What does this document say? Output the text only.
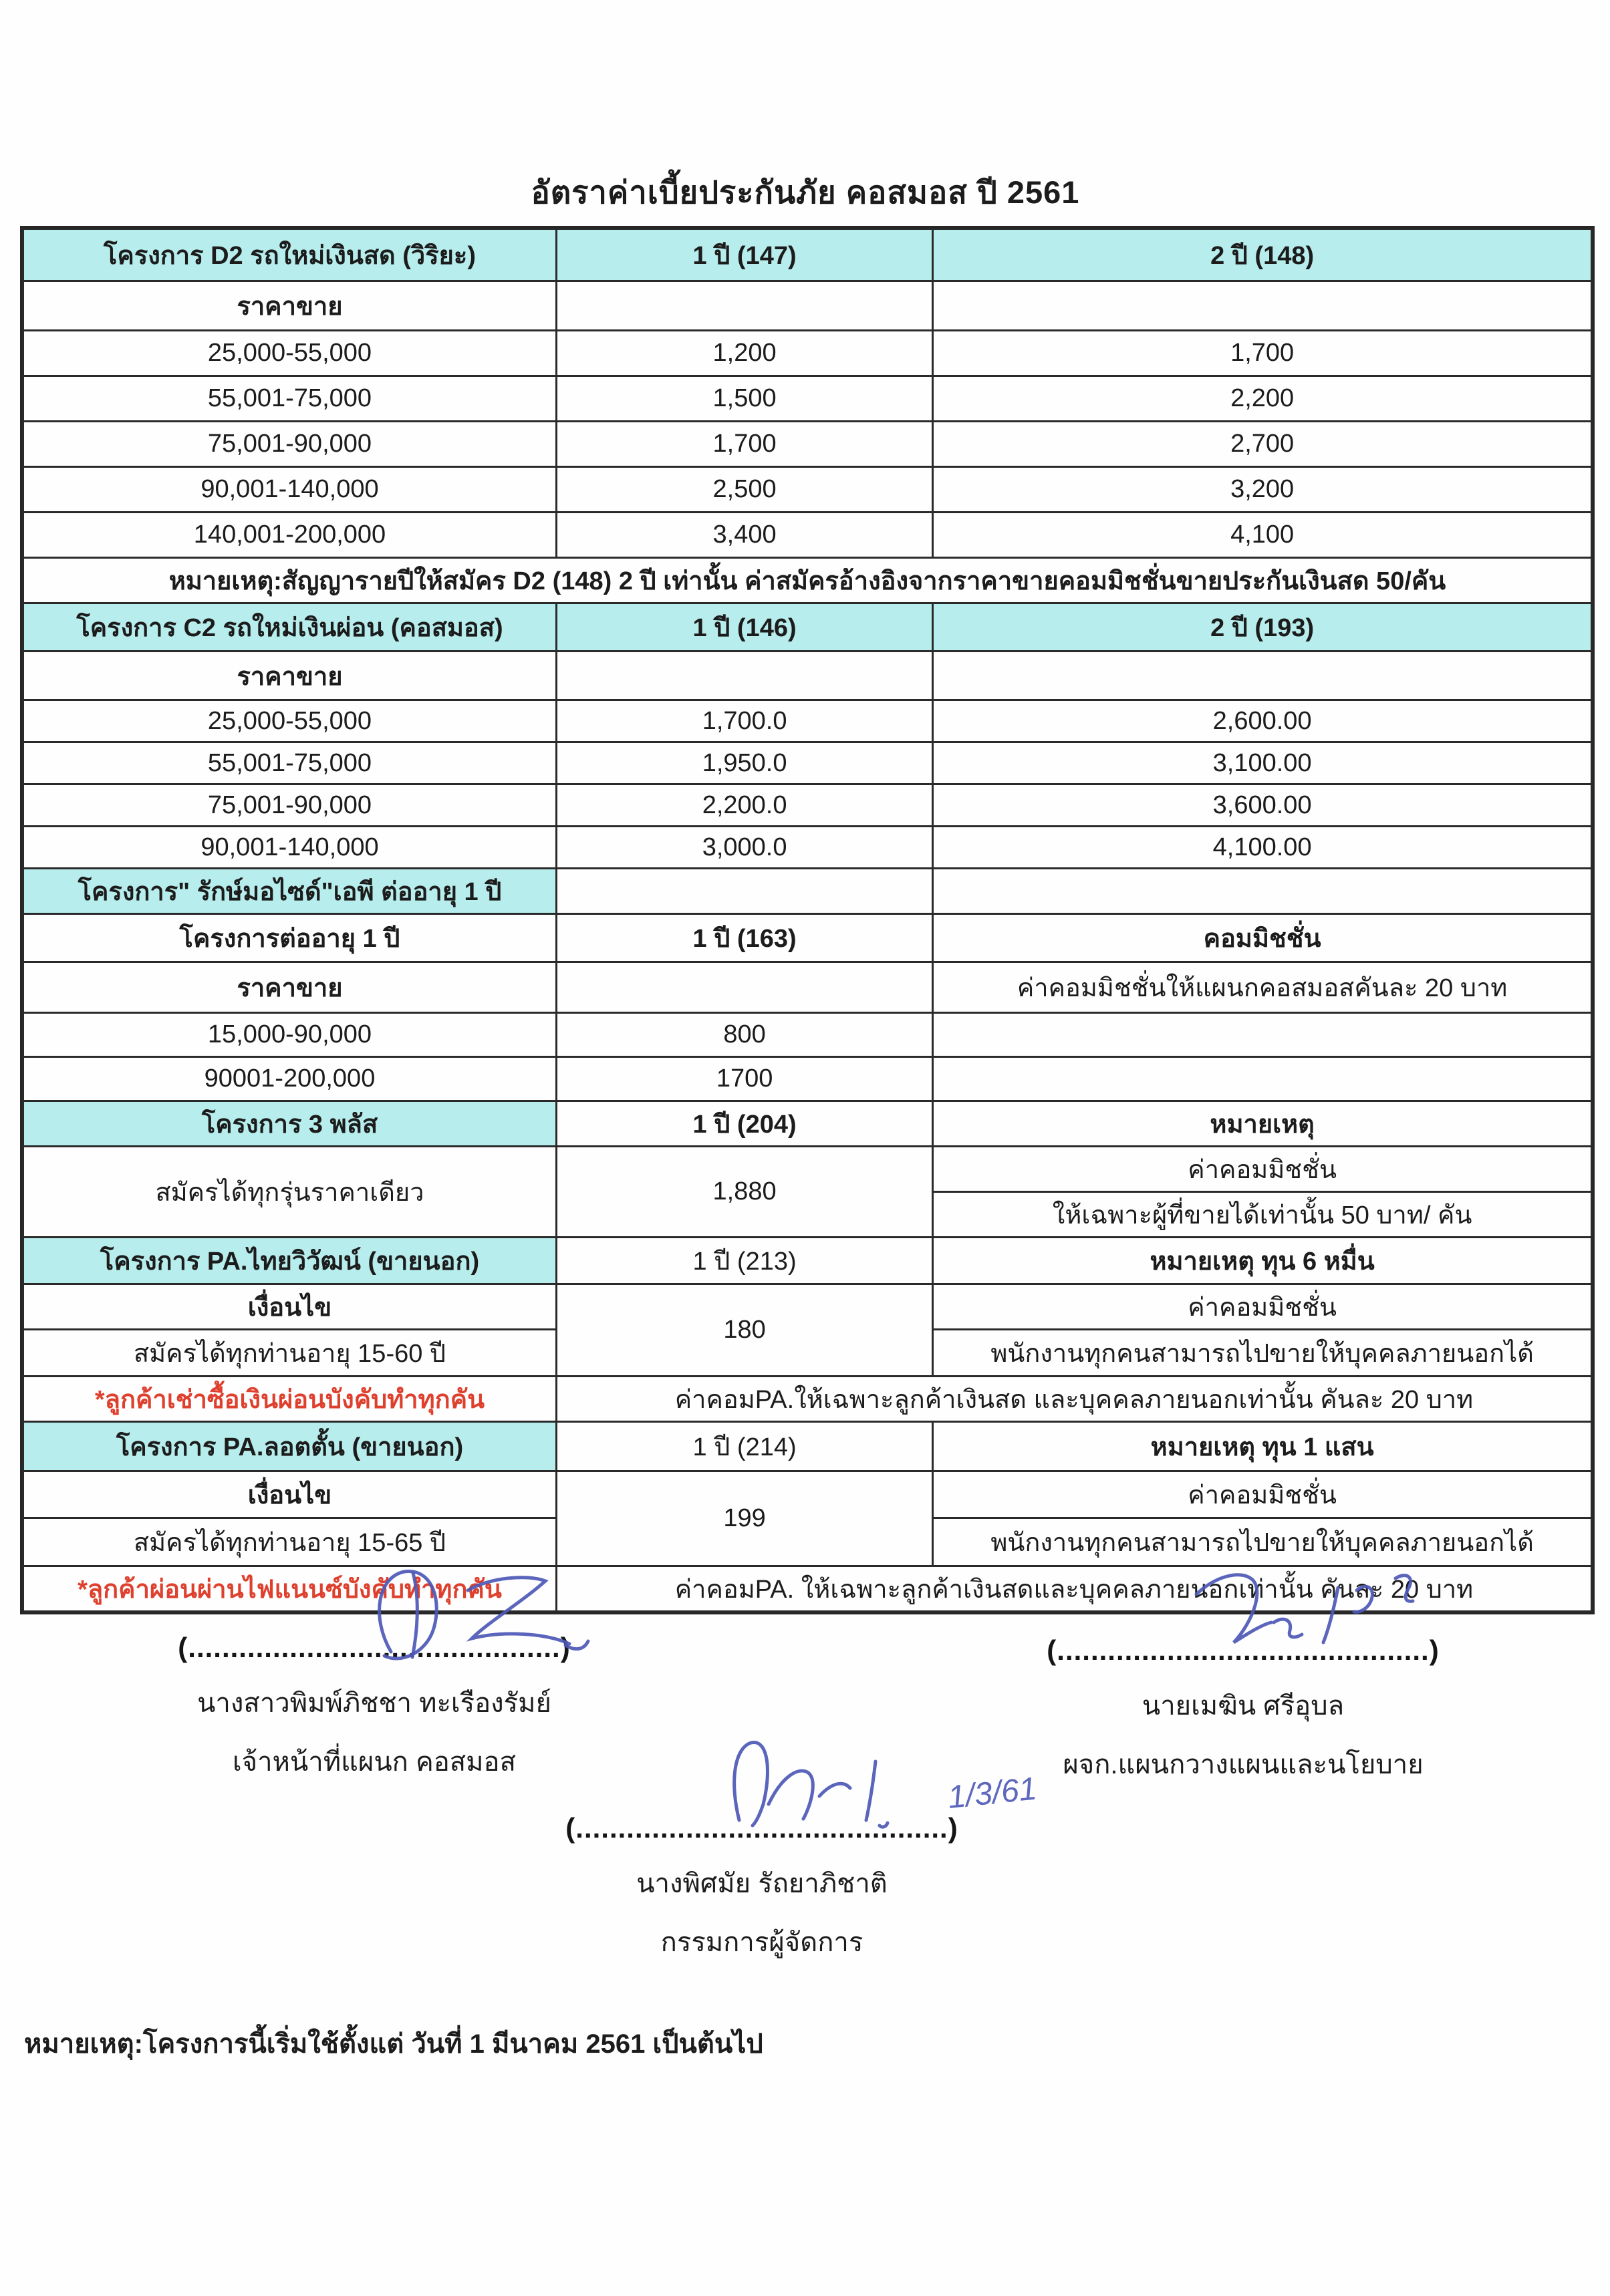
อัตราค่าเบี้ยประกันภัย คอสมอส ปี 2561
โครงการ D2 รถใหม่เงินสด (วิริยะ)	1 ปี (147)	2 ปี (148)
ราคาขาย		
25,000-55,000	1,200	1,700
55,001-75,000	1,500	2,200
75,001-90,000	1,700	2,700
90,001-140,000	2,500	3,200
140,001-200,000	3,400	4,100
หมายเหตุ:สัญญารายปีให้สมัคร D2 (148) 2 ปี เท่านั้น ค่าสมัครอ้างอิงจากราคาขายคอมมิชชั่นขายประกันเงินสด 50/คัน		
โครงการ C2 รถใหม่เงินผ่อน (คอสมอส)	1 ปี (146)	2 ปี (193)
ราคาขาย		
25,000-55,000	1,700.0	2,600.00
55,001-75,000	1,950.0	3,100.00
75,001-90,000	2,200.0	3,600.00
90,001-140,000	3,000.0	4,100.00
โครงการ" รักษ์มอไซด์"เอพี ต่ออายุ 1 ปี		
โครงการต่ออายุ 1 ปี	1 ปี (163)	คอมมิชชั่น
ราคาขาย		ค่าคอมมิชชั่นให้แผนกคอสมอสคันละ 20 บาท
15,000-90,000	800	
90001-200,000	1700	
โครงการ 3 พลัส	1 ปี (204)	หมายเหตุ
สมัครได้ทุกรุ่นราคาเดียว	1,880	ค่าคอมมิชชั่น
		ให้เฉพาะผู้ที่ขายได้เท่านั้น 50 บาท/ คัน
โครงการ PA.ไทยวิวัฒน์ (ขายนอก)	1 ปี (213)	หมายเหตุ ทุน 6 หมื่น
เงื่อนไข	180	ค่าคอมมิชชั่น
สมัครได้ทุกท่านอายุ 15-60 ปี		พนักงานทุกคนสามารถไปขายให้บุคคลภายนอกได้
*ลูกค้าเช่าซื้อเงินผ่อนบังคับทำทุกคัน	ค่าคอมPA.ให้เฉพาะลูกค้าเงินสด และบุคคลภายนอกเท่านั้น คันละ 20 บาท	
โครงการ PA.ลอตตั้น (ขายนอก)	1 ปี (214)	หมายเหตุ ทุน 1 แสน
เงื่อนไข	199	ค่าคอมมิชชั่น
สมัครได้ทุกท่านอายุ 15-65 ปี		พนักงานทุกคนสามารถไปขายให้บุคคลภายนอกได้
*ลูกค้าผ่อนผ่านไฟแนนซ์บังคับทำทุกคัน	ค่าคอมPA. ให้เฉพาะลูกค้าเงินสดและบุคคลภายนอกเท่านั้น คันละ 20 บาท	
(............................................)
นางสาวพิมพ์ภิชชา ทะเรืองรัมย์
เจ้าหน้าที่แผนก คอสมอส
(............................................)
นายเมฆิน ศรีอุบล
ผจก.แผนกวางแผนและนโยบาย
(............................................)
นางพิศมัย รัถยาภิชาติ
กรรมการผู้จัดการ
หมายเหตุ:โครงการนี้เริ่มใช้ตั้งแต่ วันที่ 1 มีนาคม 2561 เป็นต้นไป
1/3/61
